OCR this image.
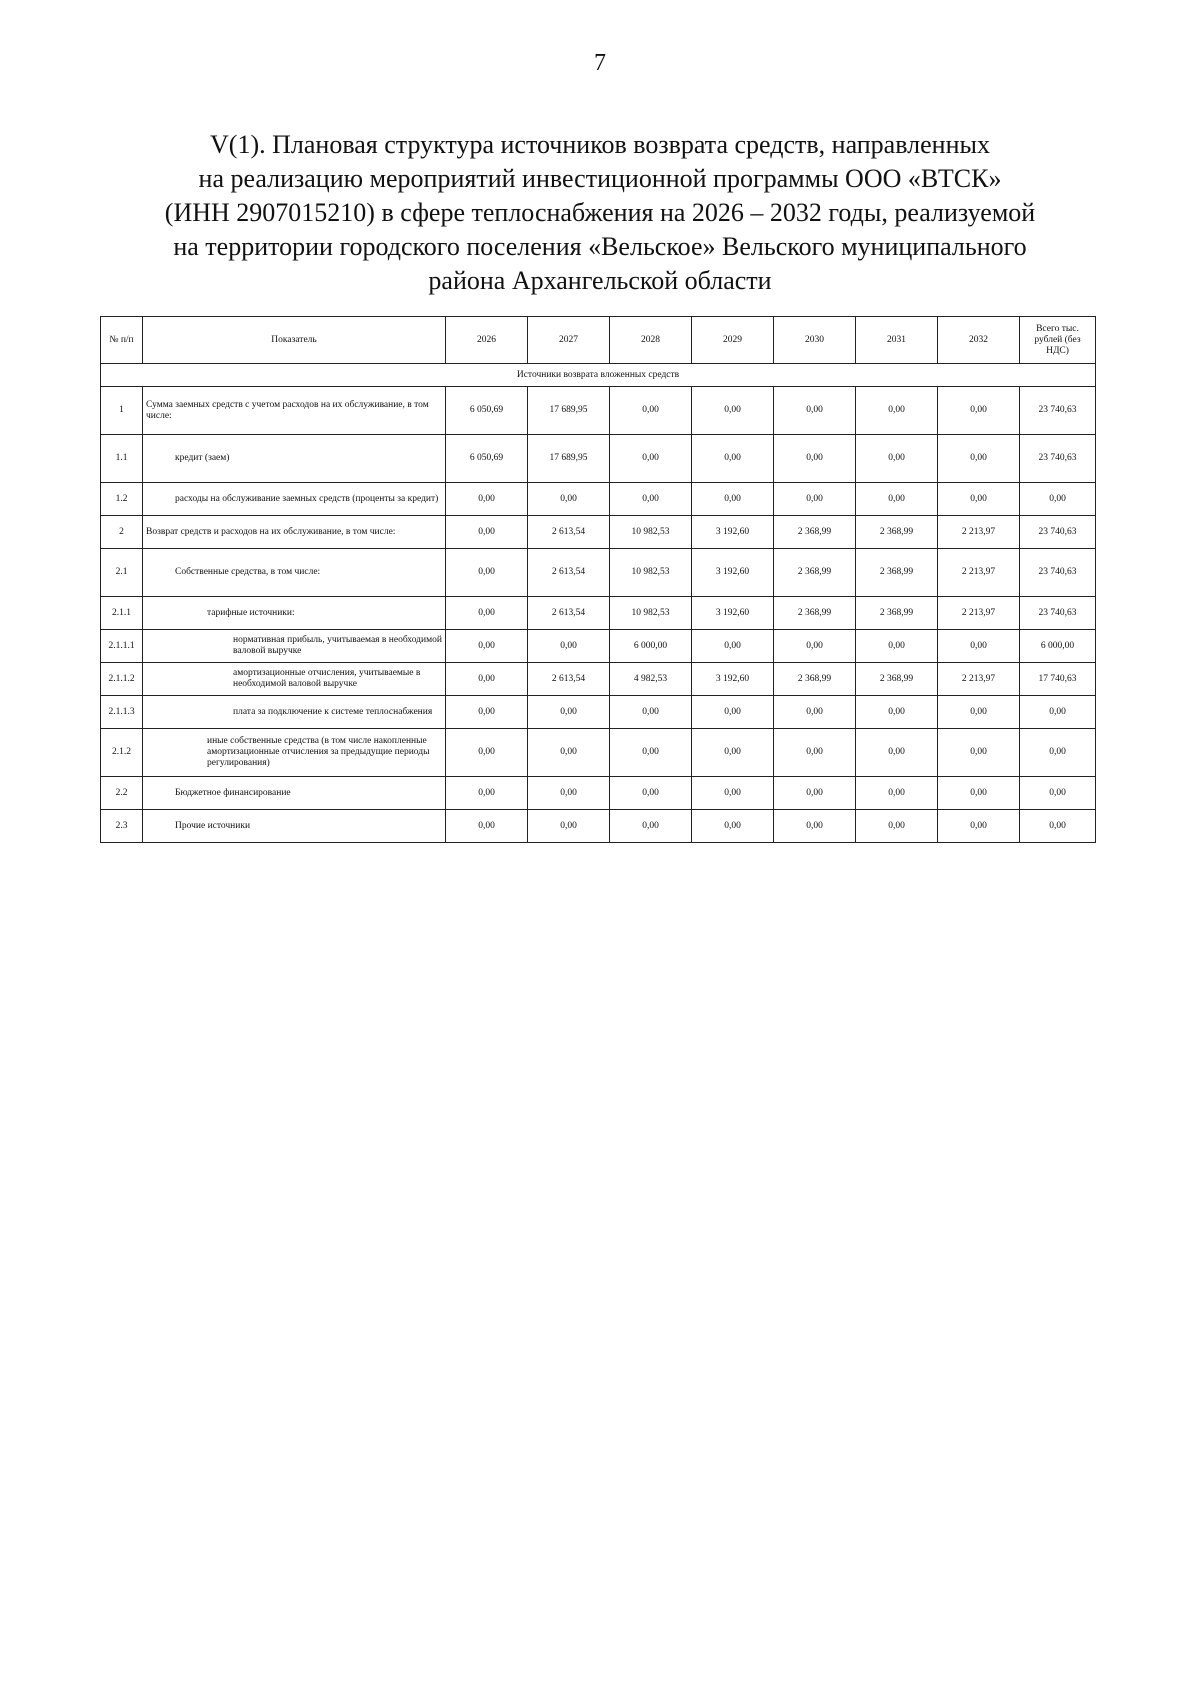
7
V(1). Плановая структура источников возврата средств, направленных
на реализацию мероприятий инвестиционной программы ООО «ВТСК»
(ИНН 2907015210) в сфере теплоснабжения на 2026 – 2032 годы, реализуемой
на территории городского поселения «Вельское» Вельского муниципального
района Архангельской области
№ п/п	Показатель	2026	2027	2028	2029	2030	2031	2032	Всего тыс. рублей (без НДС)
Источники возврата вложенных средств									
1	Сумма заемных средств с учетом расходов на их обслуживание, в том числе:	6 050,69	17 689,95	0,00	0,00	0,00	0,00	0,00	23 740,63
1.1	кредит (заем)	6 050,69	17 689,95	0,00	0,00	0,00	0,00	0,00	23 740,63
1.2	расходы на обслуживание заемных средств (проценты за кредит)	0,00	0,00	0,00	0,00	0,00	0,00	0,00	0,00
2	Возврат средств и расходов на их обслуживание, в том числе:	0,00	2 613,54	10 982,53	3 192,60	2 368,99	2 368,99	2 213,97	23 740,63
2.1	Собственные средства, в том числе:	0,00	2 613,54	10 982,53	3 192,60	2 368,99	2 368,99	2 213,97	23 740,63
2.1.1	тарифные источники:	0,00	2 613,54	10 982,53	3 192,60	2 368,99	2 368,99	2 213,97	23 740,63
2.1.1.1	нормативная прибыль, учитываемая в необходимой валовой выручке	0,00	0,00	6 000,00	0,00	0,00	0,00	0,00	6 000,00
2.1.1.2	амортизационные отчисления, учитываемые в необходимой валовой выручке	0,00	2 613,54	4 982,53	3 192,60	2 368,99	2 368,99	2 213,97	17 740,63
2.1.1.3	плата за подключение к системе теплоснабжения	0,00	0,00	0,00	0,00	0,00	0,00	0,00	0,00
2.1.2	иные собственные средства (в том числе накопленные амортизационные отчисления за предыдущие периоды регулирования)	0,00	0,00	0,00	0,00	0,00	0,00	0,00	0,00
2.2	Бюджетное финансирование	0,00	0,00	0,00	0,00	0,00	0,00	0,00	0,00
2.3	Прочие источники	0,00	0,00	0,00	0,00	0,00	0,00	0,00	0,00
